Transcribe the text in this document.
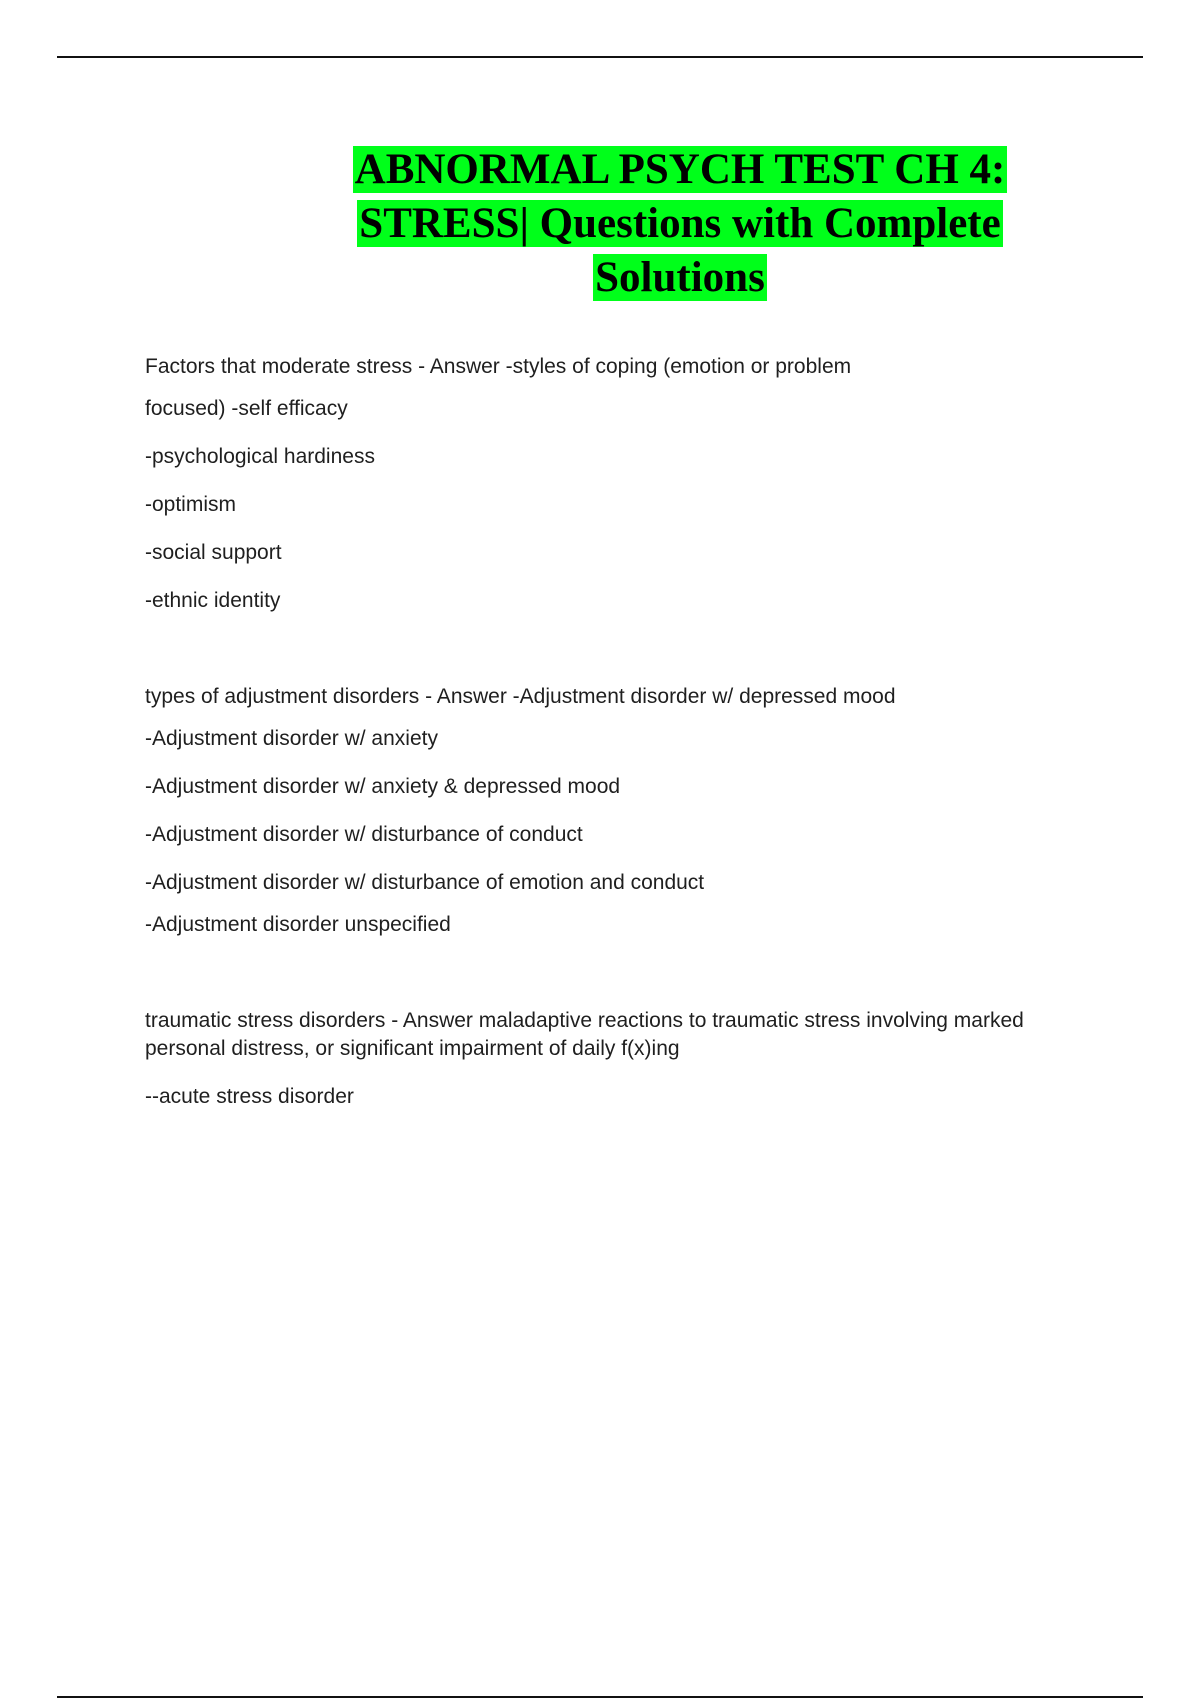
ABNORMAL PSYCH TEST CH 4:
STRESS| Questions with Complete
Solutions
Factors that moderate stress - Answer -styles of coping (emotion or problem
focused) -self efficacy
-psychological hardiness
-optimism
-social support
-ethnic identity
types of adjustment disorders - Answer -Adjustment disorder w/ depressed mood
-Adjustment disorder w/ anxiety
-Adjustment disorder w/ anxiety & depressed mood
-Adjustment disorder w/ disturbance of conduct
-Adjustment disorder w/ disturbance of emotion and conduct
-Adjustment disorder unspecified
traumatic stress disorders - Answer maladaptive reactions to traumatic stress involving marked personal distress, or significant impairment of daily f(x)ing
--acute stress disorder
